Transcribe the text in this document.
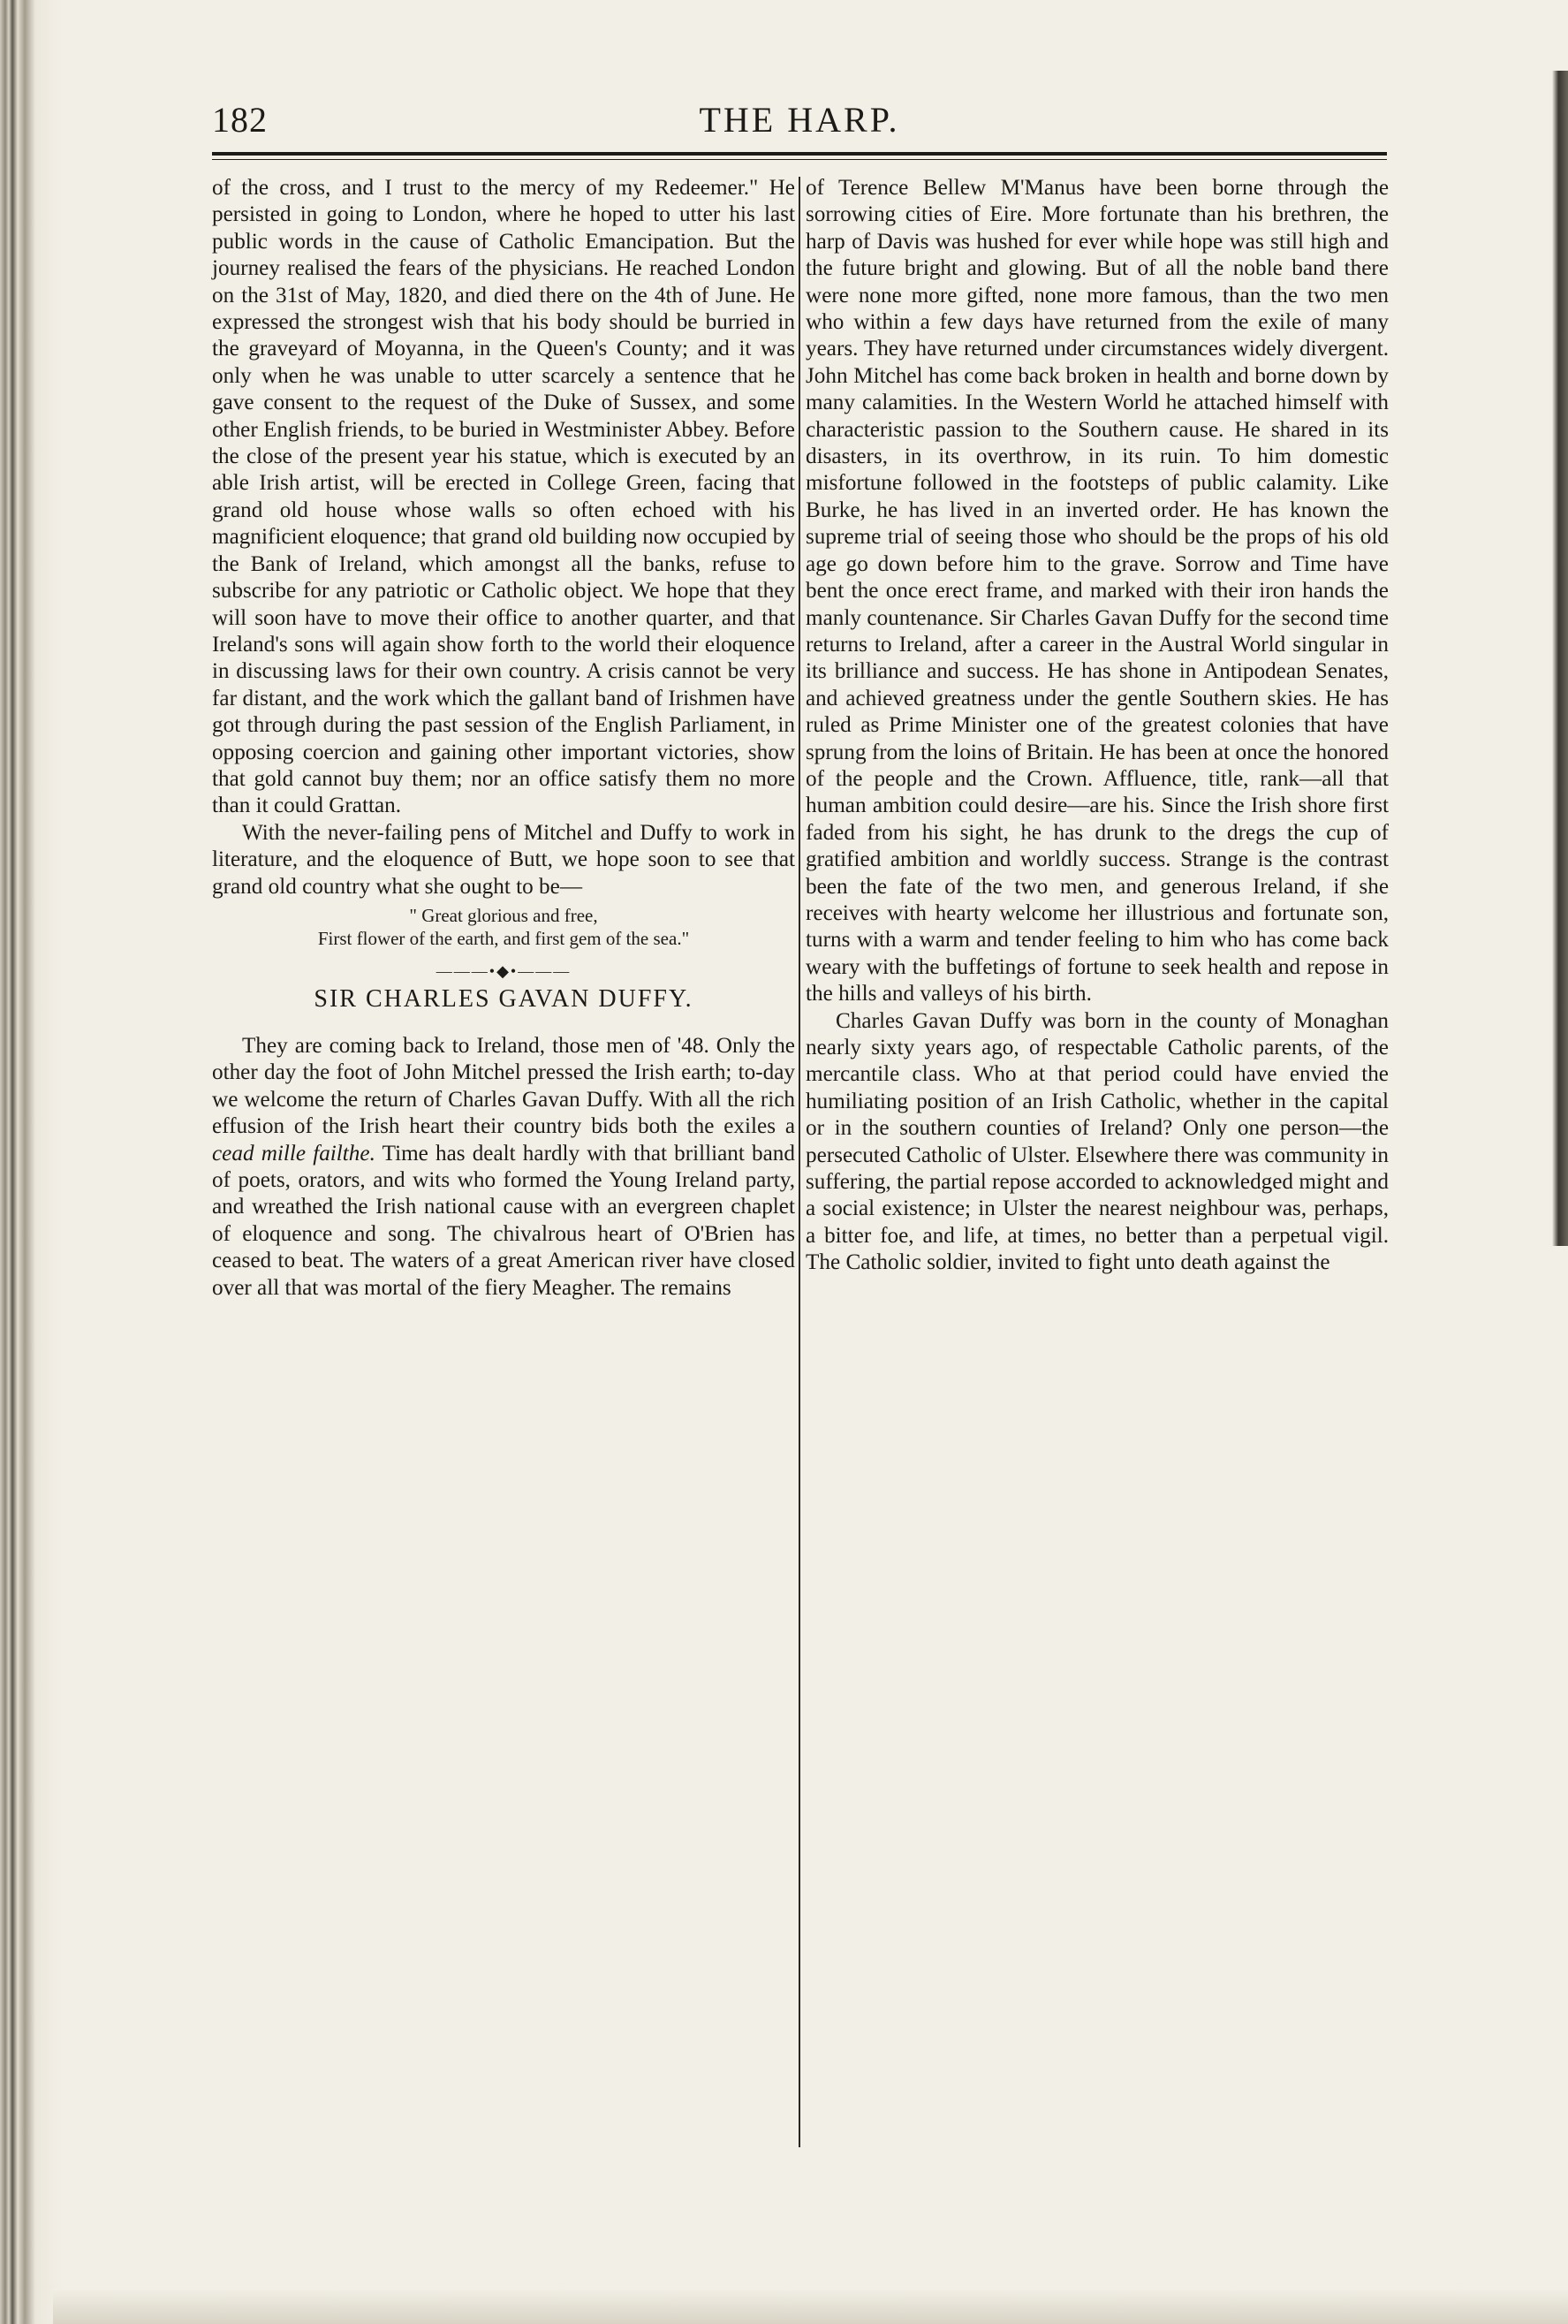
182	THE HARP.

of the cross, and I trust to the mercy of my Redeemer." He persisted in going to London, where he hoped to utter his last public words in the cause of Catholic Emancipation. But the journey realised the fears of the physicians. He reached London on the 31st of May, 1820, and died there on the 4th of June. He expressed the strongest wish that his body should be burried in the graveyard of Moyanna, in the Queen's County; and it was only when he was unable to utter scarcely a sentence that he gave consent to the request of the Duke of Sussex, and some other English friends, to be buried in Westminister Abbey. Before the close of the present year his statue, which is executed by an able Irish artist, will be erected in College Green, facing that grand old house whose walls so often echoed with his magnificient eloquence; that grand old building now occupied by the Bank of Ireland, which amongst all the banks, refuse to subscribe for any patriotic or Catholic object. We hope that they will soon have to move their office to another quarter, and that Ireland's sons will again show forth to the world their eloquence in discussing laws for their own country. A crisis cannot be very far distant, and the work which the gallant band of Irishmen have got through during the past session of the English Parliament, in opposing coercion and gaining other important victories, show that gold cannot buy them; nor an office satisfy them no more than it could Grattan.

With the never-failing pens of Mitchel and Duffy to work in literature, and the eloquence of Butt, we hope soon to see that grand old country what she ought to be—

" Great glorious and free,
First flower of the earth, and first gem of the sea."
———•◆•———
SIR CHARLES GAVAN DUFFY.

They are coming back to Ireland, those men of '48. Only the other day the foot of John Mitchel pressed the Irish earth; to-day we welcome the return of Charles Gavan Duffy. With all the rich effusion of the Irish heart their country bids both the exiles a cead mille failthe. Time has dealt hardly with that brilliant band of poets, orators, and wits who formed the Young Ireland party, and wreathed the Irish national cause with an evergreen chaplet of eloquence and song. The chivalrous heart of O'Brien has ceased to beat. The waters of a great American river have closed over all that was mortal of the fiery Meagher. The remains

of Terence Bellew M'Manus have been borne through the sorrowing cities of Eire. More fortunate than his brethren, the harp of Davis was hushed for ever while hope was still high and the future bright and glowing. But of all the noble band there were none more gifted, none more famous, than the two men who within a few days have returned from the exile of many years. They have returned under circumstances widely divergent. John Mitchel has come back broken in health and borne down by many calamities. In the Western World he attached himself with characteristic passion to the Southern cause. He shared in its disasters, in its overthrow, in its ruin. To him domestic misfortune followed in the footsteps of public calamity. Like Burke, he has lived in an inverted order. He has known the supreme trial of seeing those who should be the props of his old age go down before him to the grave. Sorrow and Time have bent the once erect frame, and marked with their iron hands the manly countenance. Sir Charles Gavan Duffy for the second time returns to Ireland, after a career in the Austral World singular in its brilliance and success. He has shone in Antipodean Senates, and achieved greatness under the gentle Southern skies. He has ruled as Prime Minister one of the greatest colonies that have sprung from the loins of Britain. He has been at once the honored of the people and the Crown. Affluence, title, rank—all that human ambition could desire—are his. Since the Irish shore first faded from his sight, he has drunk to the dregs the cup of gratified ambition and worldly success. Strange is the contrast been the fate of the two men, and generous Ireland, if she receives with hearty welcome her illustrious and fortunate son, turns with a warm and tender feeling to him who has come back weary with the buffetings of fortune to seek health and repose in the hills and valleys of his birth.

Charles Gavan Duffy was born in the county of Monaghan nearly sixty years ago, of respectable Catholic parents, of the mercantile class. Who at that period could have envied the humiliating position of an Irish Catholic, whether in the capital or in the southern counties of Ireland? Only one person—the persecuted Catholic of Ulster. Elsewhere there was community in suffering, the partial repose accorded to acknowledged might and a social existence; in Ulster the nearest neighbour was, perhaps, a bitter foe, and life, at times, no better than a perpetual vigil. The Catholic soldier, invited to fight unto death against the
